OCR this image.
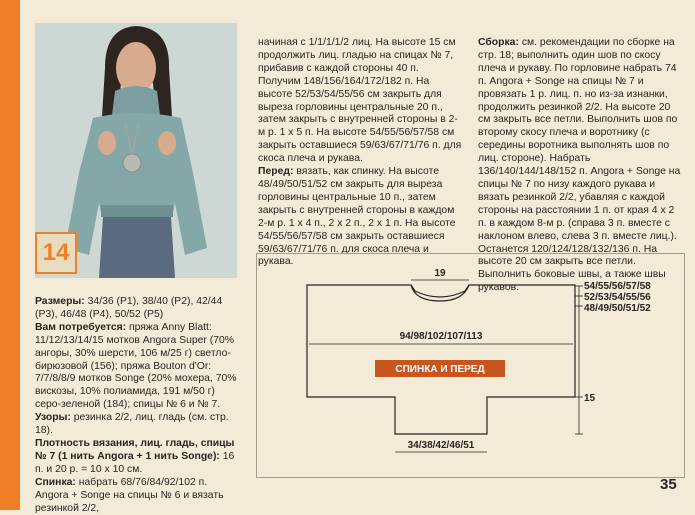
14

Размеры: 34/36 (Р1), 38/40 (Р2), 42/44 (Р3), 46/48 (Р4), 50/52 (Р5)

Вам потребуется: пряжа Anny Blatt: 11/12/13/14/15 мотков Angora Super (70% ангоры, 30% шерсти, 106 м/25 г) светло-бирюзовой (156); пряжа Bouton d'Or: 7/7/8/8/9 мотков Songe (20% мохера, 70% вискозы, 10% полиамида, 191 м/50 г) серо-зеленой (184); спицы № 6 и № 7.

Узоры: резинка 2/2, лиц. гладь (см. стр. 18).

Плотность вязания, лиц. гладь, спицы № 7 (1 нить Angora + 1 нить Songe): 16 п. и 20 р. = 10 х 10 см.

Спинка: набрать 68/76/84/92/102 п. Angora + Songe на спицы № 6 и вязать резинкой 2/2,

начиная с 1/1/1/1/2 лиц. На высоте 15 см продолжить лиц. гладью на спицах № 7, прибавив с каждой стороны 40 п. Получим 148/156/164/172/182 п. На высоте 52/53/54/55/56 см закрыть для выреза горловины центральные 20 п., затем закрыть с внутренней стороны в 2-м р. 1 х 5 п. На высоте 54/55/56/57/58 см закрыть оставшиеся 59/63/67/71/76 п. для скоса плеча и рукава.

Перед: вязать, как спинку. На высоте 48/49/50/51/52 см закрыть для выреза горловины центральные 10 п., затем закрыть с внутренней стороны в каждом 2-м р. 1 х 4 п., 2 х 2 п., 2 х 1 п. На высоте 54/55/56/57/58 см закрыть оставшиеся 59/63/67/71/76 п. для скоса плеча и рукава.

Сборка: см. рекомендации по сборке на стр. 18; выполнить один шов по скосу плеча и рукаву. По горловине набрать 74 п. Angora + Songe на спицы № 7 и провязать 1 р. лиц. п. но из-за изнанки, продолжить резинкой 2/2. На высоте 20 см закрыть все петли. Выполнить шов по второму скосу плеча и воротнику (с середины воротника выполнять шов по лиц. стороне). Набрать 136/140/144/148/152 п. Angora + Songe на спицы № 7 по низу каждого рукава и вязать резинкой 2/2, убавляя с каждой стороны на расстоянии 1 п. от края 4 х 2 п. в каждом 8-м р. (справа 3 п. вместе с наклоном влево, слева 3 п. вместе лиц.). Останется 120/124/128/132/136 п. На высоте 20 см закрыть все петли. Выполнить боковые швы, а также швы рукавов.

19
94/98/102/107/113
СПИНКА И ПЕРЕД
34/38/42/46/51
54/55/56/57/58
52/53/54/55/56
48/49/50/51/52
15
35
